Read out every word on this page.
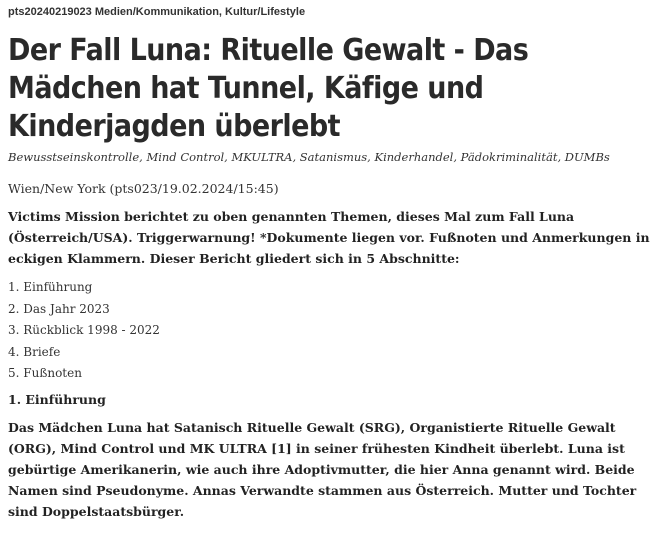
pts20240219023 Medien/Kommunikation, Kultur/Lifestyle
Der Fall Luna: Rituelle Gewalt - Das Mädchen hat Tunnel, Käfige und Kinderjagden überlebt
Bewusstseinskontrolle, Mind Control, MKULTRA, Satanismus, Kinderhandel, Pädokriminalität, DUMBs
Wien/New York (pts023/19.02.2024/15:45)

Victims Mission berichtet zu oben genannten Themen, dieses Mal zum Fall Luna (Österreich/USA). Triggerwarnung! *Dokumente liegen vor. Fußnoten und Anmerkungen in eckigen Klammern. Dieser Bericht gliedert sich in 5 Abschnitte:

1. Einführung
2. Das Jahr 2023
3. Rückblick 1998 - 2022
4. Briefe
5. Fußnoten
1. Einführung

Das Mädchen Luna hat Satanisch Rituelle Gewalt (SRG), Organistierte Rituelle Gewalt (ORG), Mind Control und MK ULTRA [1] in seiner frühesten Kindheit überlebt. Luna ist gebürtige Amerikanerin, wie auch ihre Adoptivmutter, die hier Anna genannt wird. Beide Namen sind Pseudonyme. Annas Verwandte stammen aus Österreich. Mutter und Tochter sind Doppelstaatsbürger.
